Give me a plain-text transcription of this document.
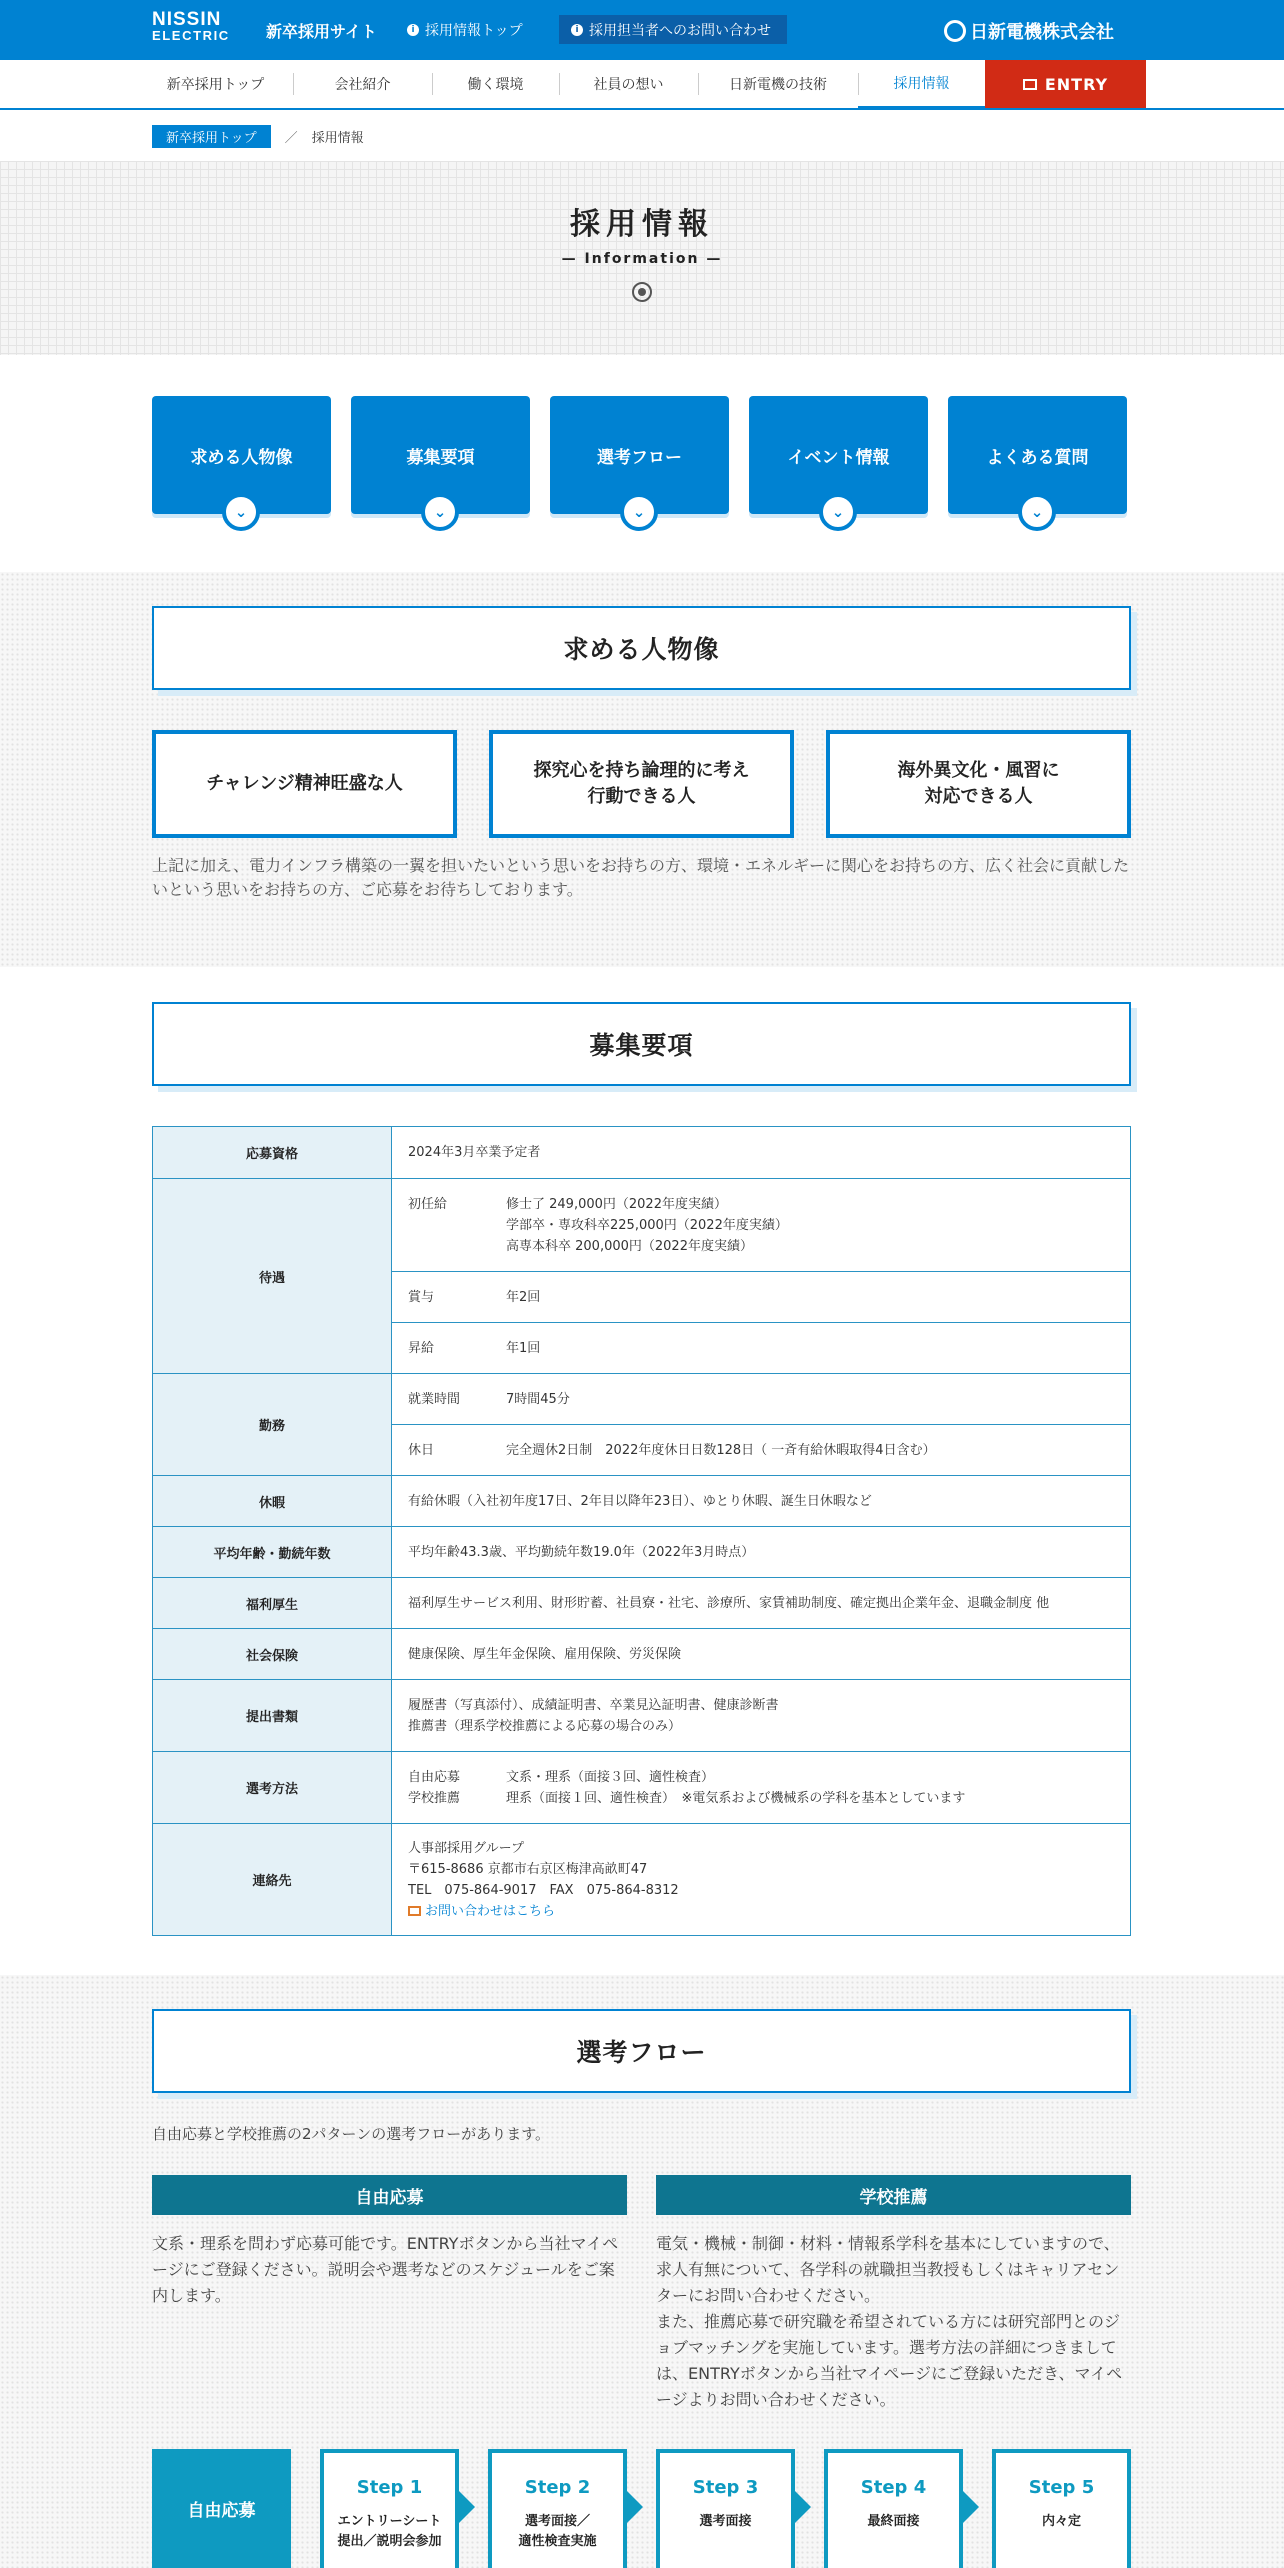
NISSIN
ELECTRIC 新卒採用サイト	i 採用情報トップ	i 採用担当者へのお問い合わせ	日新電機株式会社
新卒採用トップ	会社紹介	働く環境	社員の想い	日新電機の技術	採用情報	ENTRY
新卒採用トップ	／ 採用情報
採用情報
— Information —
求める人物像
⌄
募集要項
⌄
選考フロー
⌄
イベント情報
⌄
よくある質問
⌄
求める人物像
チャレンジ精神旺盛な人
探究心を持ち論理的に考え
行動できる人
海外異文化・風習に
対応できる人
上記に加え、電力インフラ構築の一翼を担いたいという思いをお持ちの方、環境・エネルギーに関心をお持ちの方、広く社会に貢献したいという思いをお持ちの方、ご応募をお待ちしております。
募集要項
応募資格	2024年3月卒業予定者
待遇	初任給 修士了 249,000円（2022年度実績）
学部卒・専攻科卒225,000円（2022年度実績）
高専本科卒 200,000円（2022年度実績）

	賞与 年2回

	昇給 年1回

勤務	就業時間 7時間45分

	休日 完全週休2日制　2022年度休日日数128日（ 一斉有給休暇取得4日含む）

休暇	有給休暇（入社初年度17日、2年目以降年23日）、ゆとり休暇、誕生日休暇など
平均年齢・勤続年数	平均年齢43.3歳、平均勤続年数19.0年（2022年3月時点）
福利厚生	福利厚生サービス利用、財形貯蓄、社員寮・社宅、診療所、家賃補助制度、確定拠出企業年金、退職金制度 他
社会保険	健康保険、厚生年金保険、雇用保険、労災保険
提出書類	履歴書（写真添付）、成績証明書、卒業見込証明書、健康診断書
推薦書（理系学校推薦による応募の場合のみ）

選考方法	自由応募 文系・理系（面接３回、適性検査）
学校推薦 理系（面接１回、適性検査）　※電気系および機械系の学科を基本としています

連絡先	人事部採用グループ
〒615-8686 京都市右京区梅津高畝町47
TEL　075-864-9017　FAX　075-864-8312
お問い合わせはこちら
選考フロー
自由応募と学校推薦の2パターンの選考フローがあります。
自由応募
文系・理系を問わず応募可能です。ENTRYボタンから当社マイページにご登録ください。説明会や選考などのスケジュールをご案内します。
学校推薦
電気・機械・制御・材料・情報系学科を基本にしていますので、求人有無について、各学科の就職担当教授もしくはキャリアセンターにお問い合わせください。
また、推薦応募で研究職を希望されている方には研究部門とのジョブマッチングを実施しています。選考方法の詳細につきましては、ENTRYボタンから当社マイページにご登録いただき、マイページよりお問い合わせください。
自由応募
Step 1
エントリーシート
提出／説明会参加
Step 2
選考面接／
適性検査実施
Step 3
選考面接
Step 4
最終面接
Step 5
内々定
